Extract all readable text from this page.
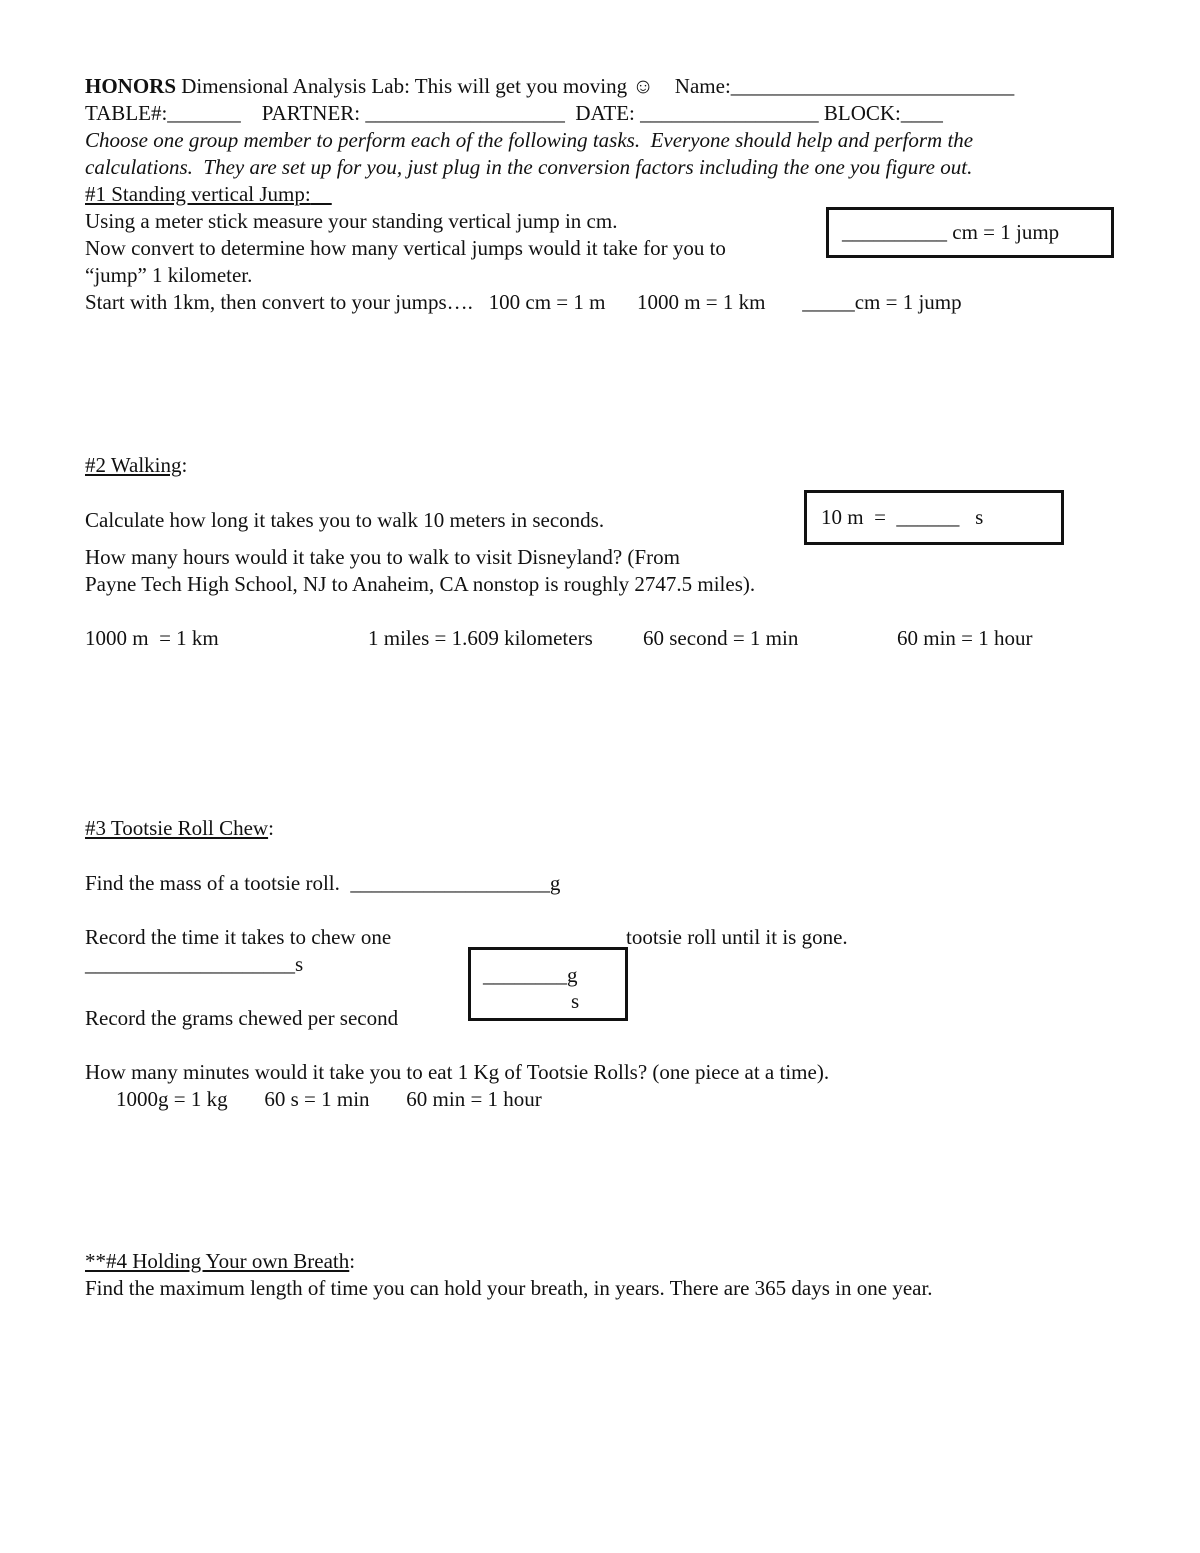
HONORS Dimensional Analysis Lab: This will get you moving ☺    Name:___________________________
TABLE#:_______    PARTNER: ___________________  DATE: _________________ BLOCK:____
Choose one group member to perform each of the following tasks.  Everyone should help and perform the
calculations.  They are set up for you, just plug in the conversion factors including the one you figure out.
#1 Standing vertical Jump:
Using a meter stick measure your standing vertical jump in cm.
Now convert to determine how many vertical jumps would it take for you to
“jump” 1 kilometer.
Start with 1km, then convert to your jumps….   100 cm = 1 m      1000 m = 1 km       _____cm = 1 jump
__________ cm = 1 jump
#2 Walking:
Calculate how long it takes you to walk 10 meters in seconds.
How many hours would it take you to walk to visit Disneyland? (From
Payne Tech High School, NJ to Anaheim, CA nonstop is roughly 2747.5 miles).
1000 m  = 1 km	1 miles = 1.609 kilometers 60 second = 1 min	60 min = 1 hour
10 m  =  ______   s
#3 Tootsie Roll Chew:
Find the mass of a tootsie roll.  ___________________g
Record the time it takes to chew one	tootsie roll until it is gone.
____________________s
Record the grams chewed per second
________g
s
How many minutes would it take you to eat 1 Kg of Tootsie Rolls? (one piece at a time).
1000g = 1 kg       60 s = 1 min       60 min = 1 hour
**#4 Holding Your own Breath:
Find the maximum length of time you can hold your breath, in years. There are 365 days in one year.
